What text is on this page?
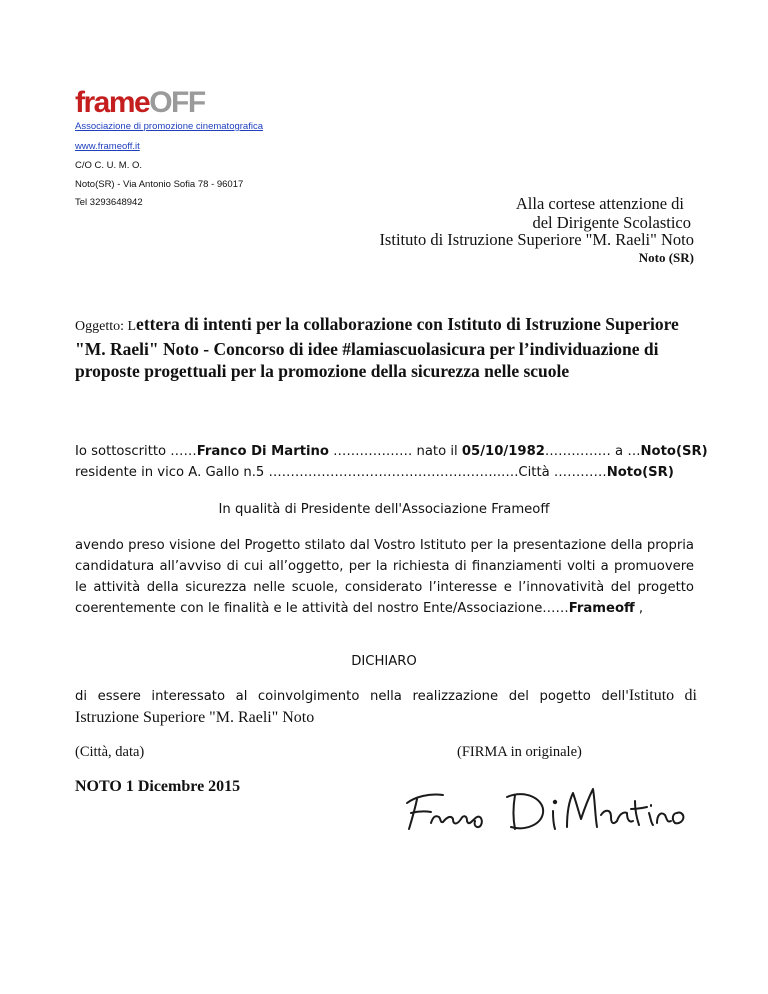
frameOFF
Associazione di promozione cinematografica
www.frameoff.it
C/O C. U. M. O.
Noto(SR) - Via Antonio Sofia 78 - 96017
Tel 3293648942	Alla cortese attenzione di
del Dirigente Scolastico
Istituto di Istruzione Superiore "M. Raeli" Noto
Noto (SR)
Oggetto: Lettera di intenti per la collaborazione con Istituto di Istruzione Superiore "M. Raeli" Noto - Concorso di idee #lamiascuolasicura per l’individuazione di proposte progettuali per la promozione della sicurezza nelle scuole
Io sottoscritto ……Franco Di Martino ……………… nato il 05/10/1982…………… a …Noto(SR)
residente in vico A. Gallo n.5 ……………………………………………..….Città …………Noto(SR)
In qualità di Presidente dell'Associazione Frameoff
avendo preso visione del Progetto stilato dal Vostro Istituto per la presentazione della propria candidatura all’avviso di cui all’oggetto, per la richiesta di finanziamenti volti a promuovere le attività della sicurezza nelle scuole, considerato l’interesse e l’innovatività del progetto coerentemente con le finalità e le attività del nostro Ente/Associazione……Frameoff ,
DICHIARO
di essere interessato al coinvolgimento nella realizzazione del pogetto dell'Istituto di Istruzione Superiore "M. Raeli" Noto
(Città, data)	(FIRMA in originale)
NOTO 1 Dicembre 2015
